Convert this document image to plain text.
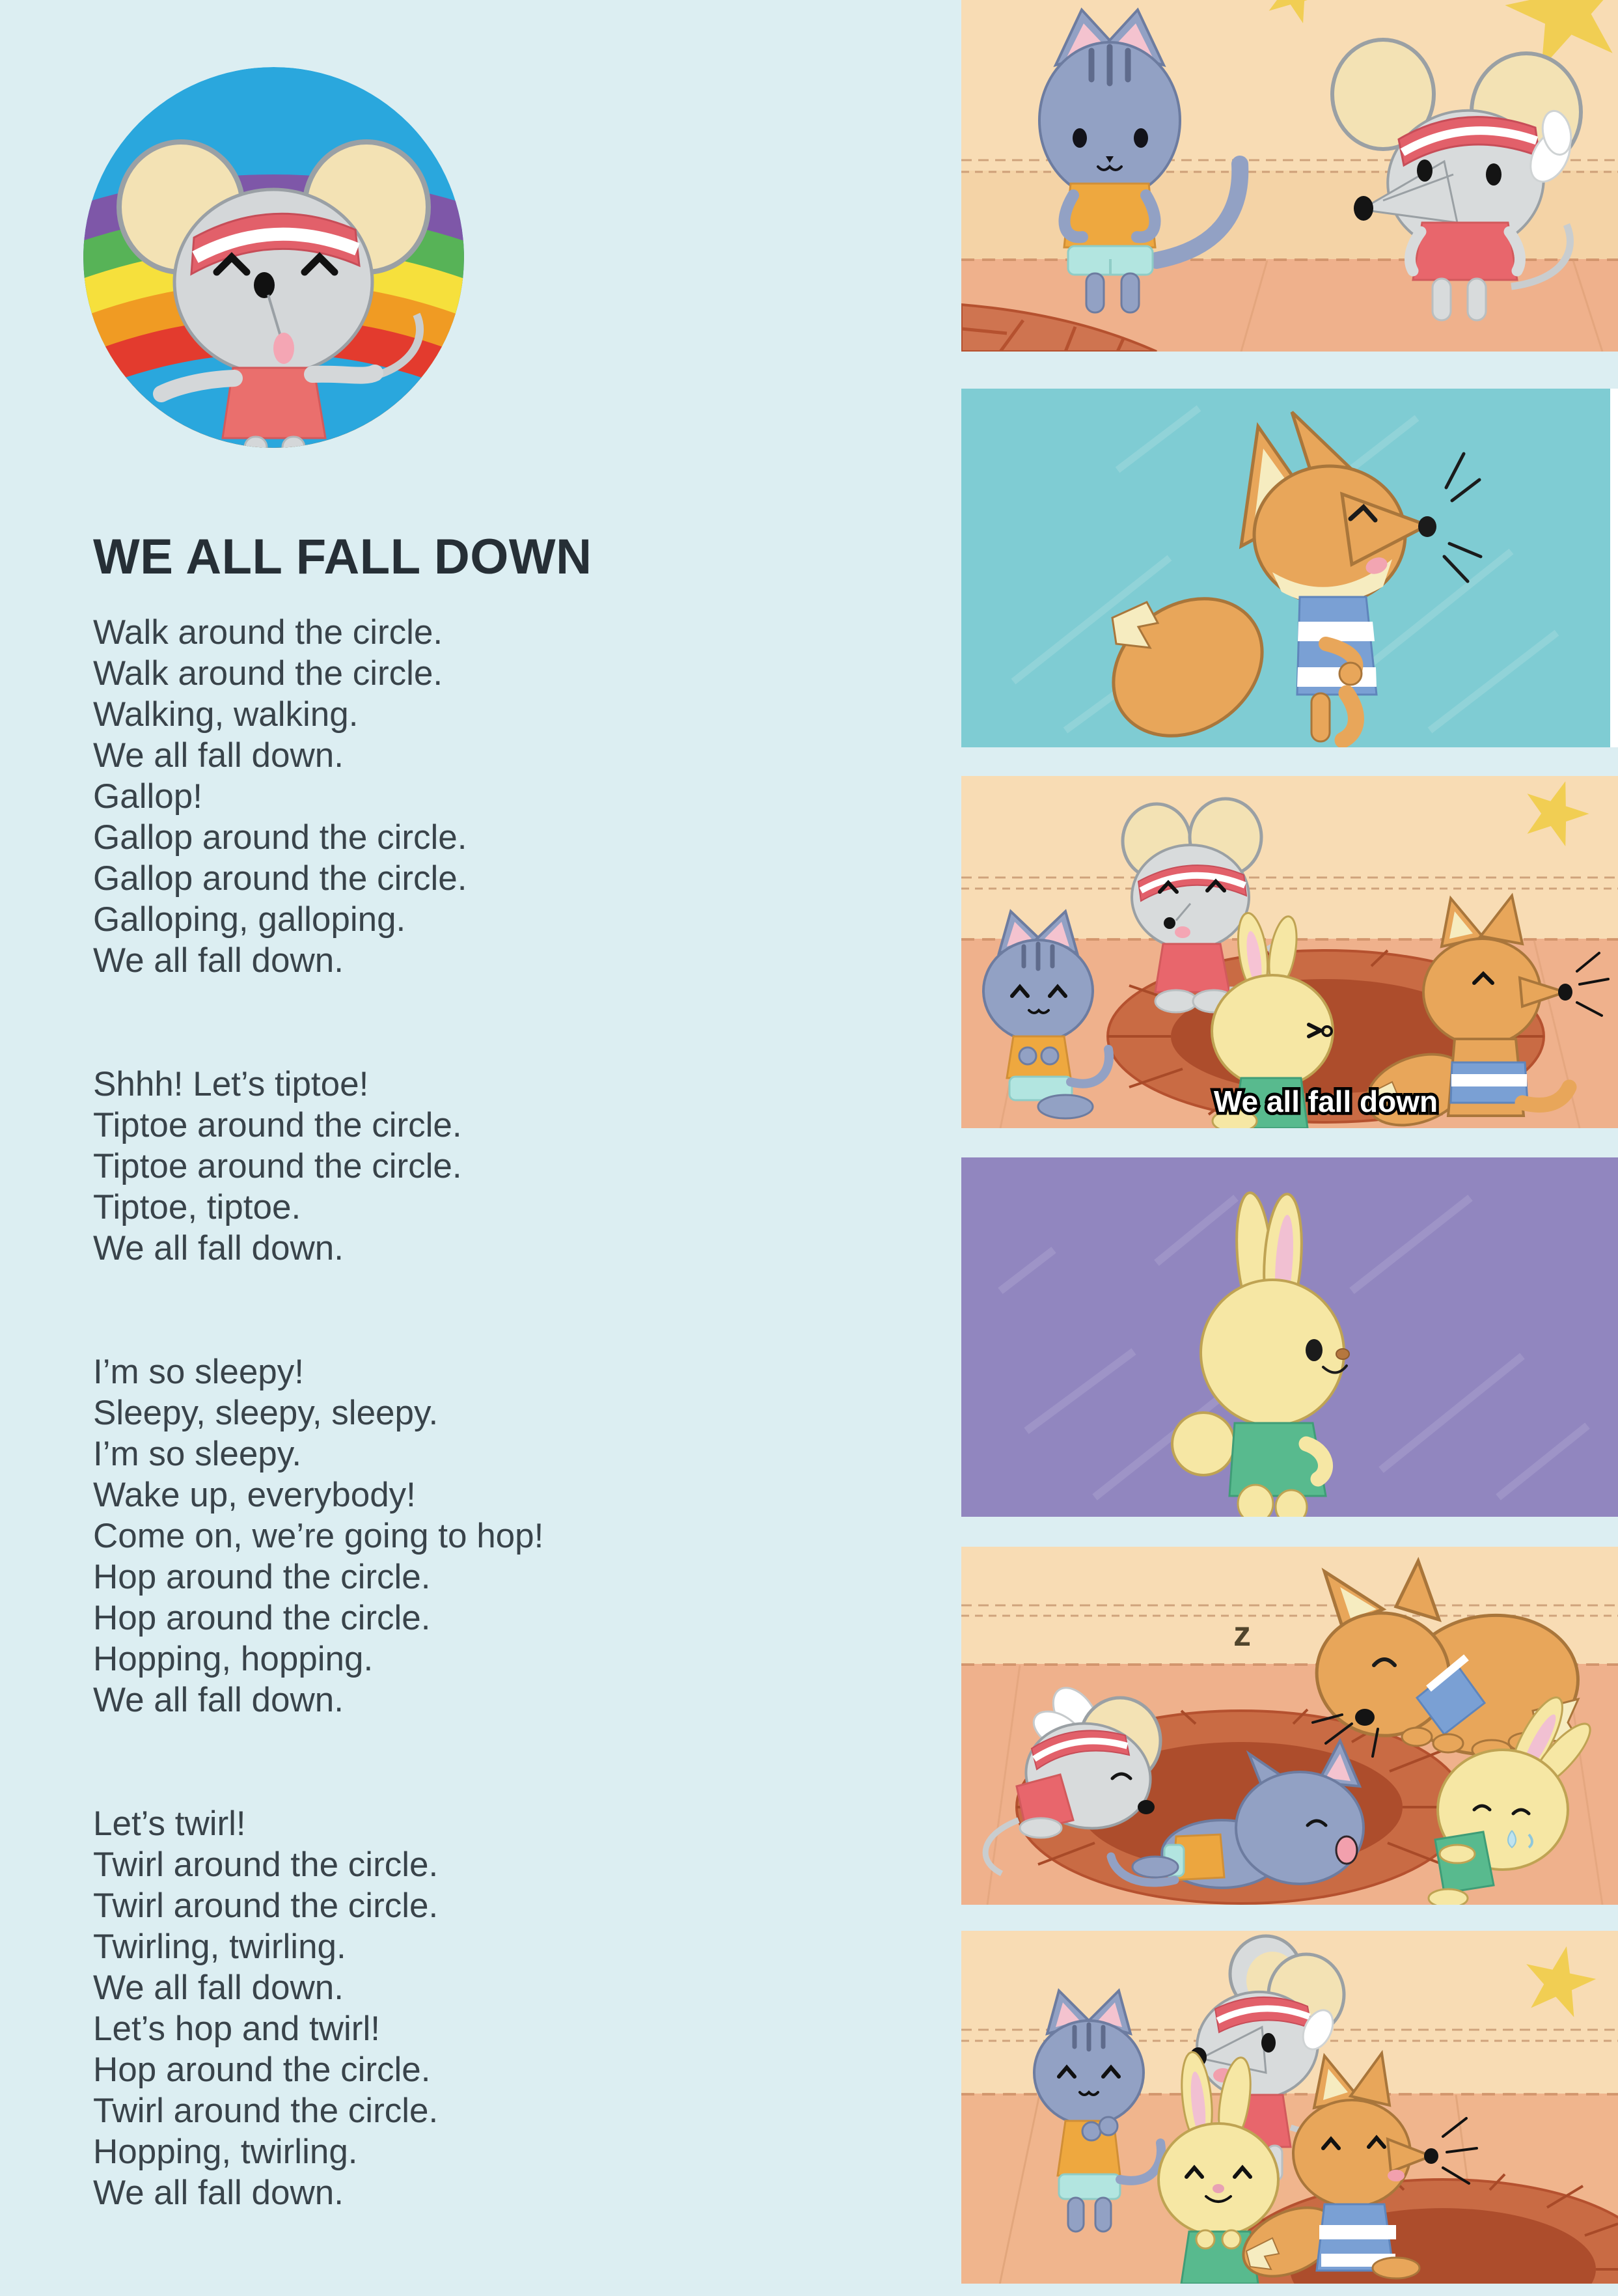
WE ALL FALL DOWN

Walk around the circle.

Walk around the circle.

Walking, walking.

We all fall down.

Gallop!

Gallop around the circle.

Gallop around the circle.

Galloping, galloping.

We all fall down.

Shhh! Let’s tiptoe!

Tiptoe around the circle.

Tiptoe around the circle.

Tiptoe, tiptoe.

We all fall down.

I’m so sleepy!

Sleepy, sleepy, sleepy.

I’m so sleepy.

Wake up, everybody!

Come on, we’re going to hop!

Hop around the circle.

Hop around the circle.

Hopping, hopping.

We all fall down.

Let’s twirl!

Twirl around the circle.

Twirl around the circle.

Twirling, twirling.

We all fall down.

Let’s hop and twirl!

Hop around the circle.

Twirl around the circle.

Hopping, twirling.

We all fall down.

We all fall down
z
